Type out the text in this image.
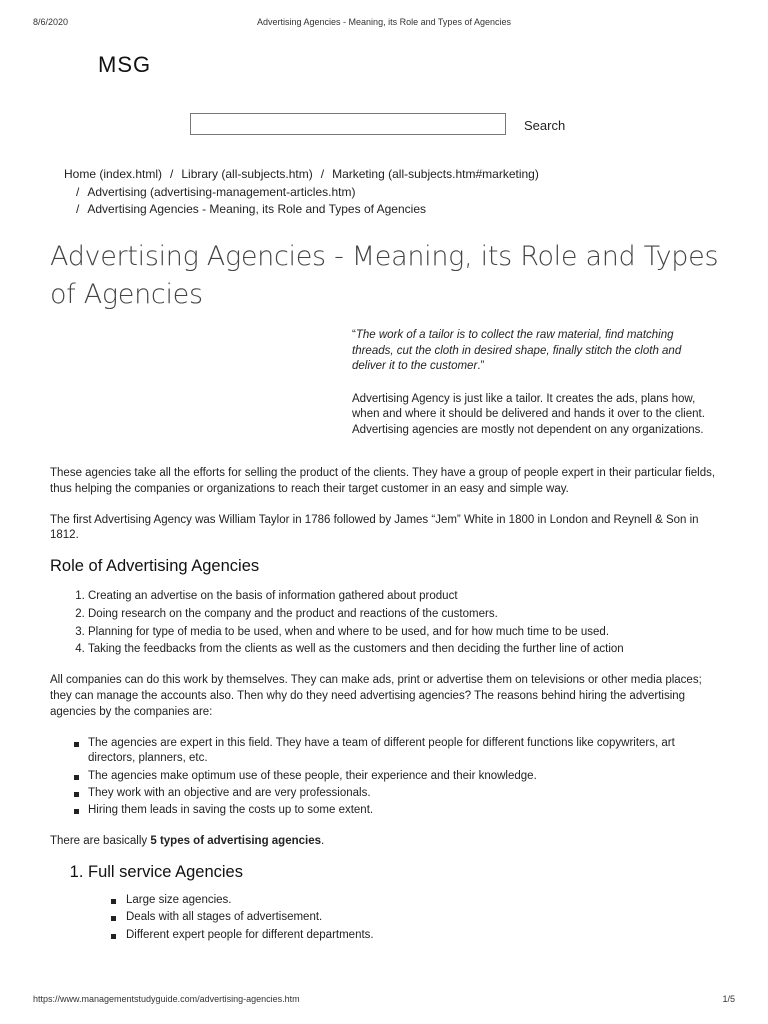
8/6/2020	Advertising Agencies - Meaning, its Role and Types of Agencies
MSG
Search
Home (index.html) / Library (all-subjects.htm) / Marketing (all-subjects.htm#marketing)
/ Advertising (advertising-management-articles.htm)
/ Advertising Agencies - Meaning, its Role and Types of Agencies
Advertising Agencies - Meaning, its Role and Types of Agencies

“The work of a tailor is to collect the raw material, find matching threads, cut the cloth in desired shape, finally stitch the cloth and deliver it to the customer.”

Advertising Agency is just like a tailor. It creates the ads, plans how, when and where it should be delivered and hands it over to the client. Advertising agencies are mostly not dependent on any organizations.

These agencies take all the efforts for selling the product of the clients. They have a group of people expert in their particular fields, thus helping the companies or organizations to reach their target customer in an easy and simple way.

The first Advertising Agency was William Taylor in 1786 followed by James “Jem” White in 1800 in London and Reynell & Son in 1812.

Role of Advertising Agencies
1. Creating an advertise on the basis of information gathered about product
2. Doing research on the company and the product and reactions of the customers.
3. Planning for type of media to be used, when and where to be used, and for how much time to be used.
4. Taking the feedbacks from the clients as well as the customers and then deciding the further line of action

All companies can do this work by themselves. They can make ads, print or advertise them on televisions or other media places; they can manage the accounts also. Then why do they need advertising agencies? The reasons behind hiring the advertising agencies by the companies are:

The agencies are expert in this field. They have a team of different people for different functions like copywriters, art directors, planners, etc.
The agencies make optimum use of these people, their experience and their knowledge.
They work with an objective and are very professionals.
Hiring them leads in saving the costs up to some extent.

There are basically 5 types of advertising agencies.

1. Full service Agencies
Large size agencies.
Deals with all stages of advertisement.
Different expert people for different departments.
https://www.managementstudyguide.com/advertising-agencies.htm	1/5
